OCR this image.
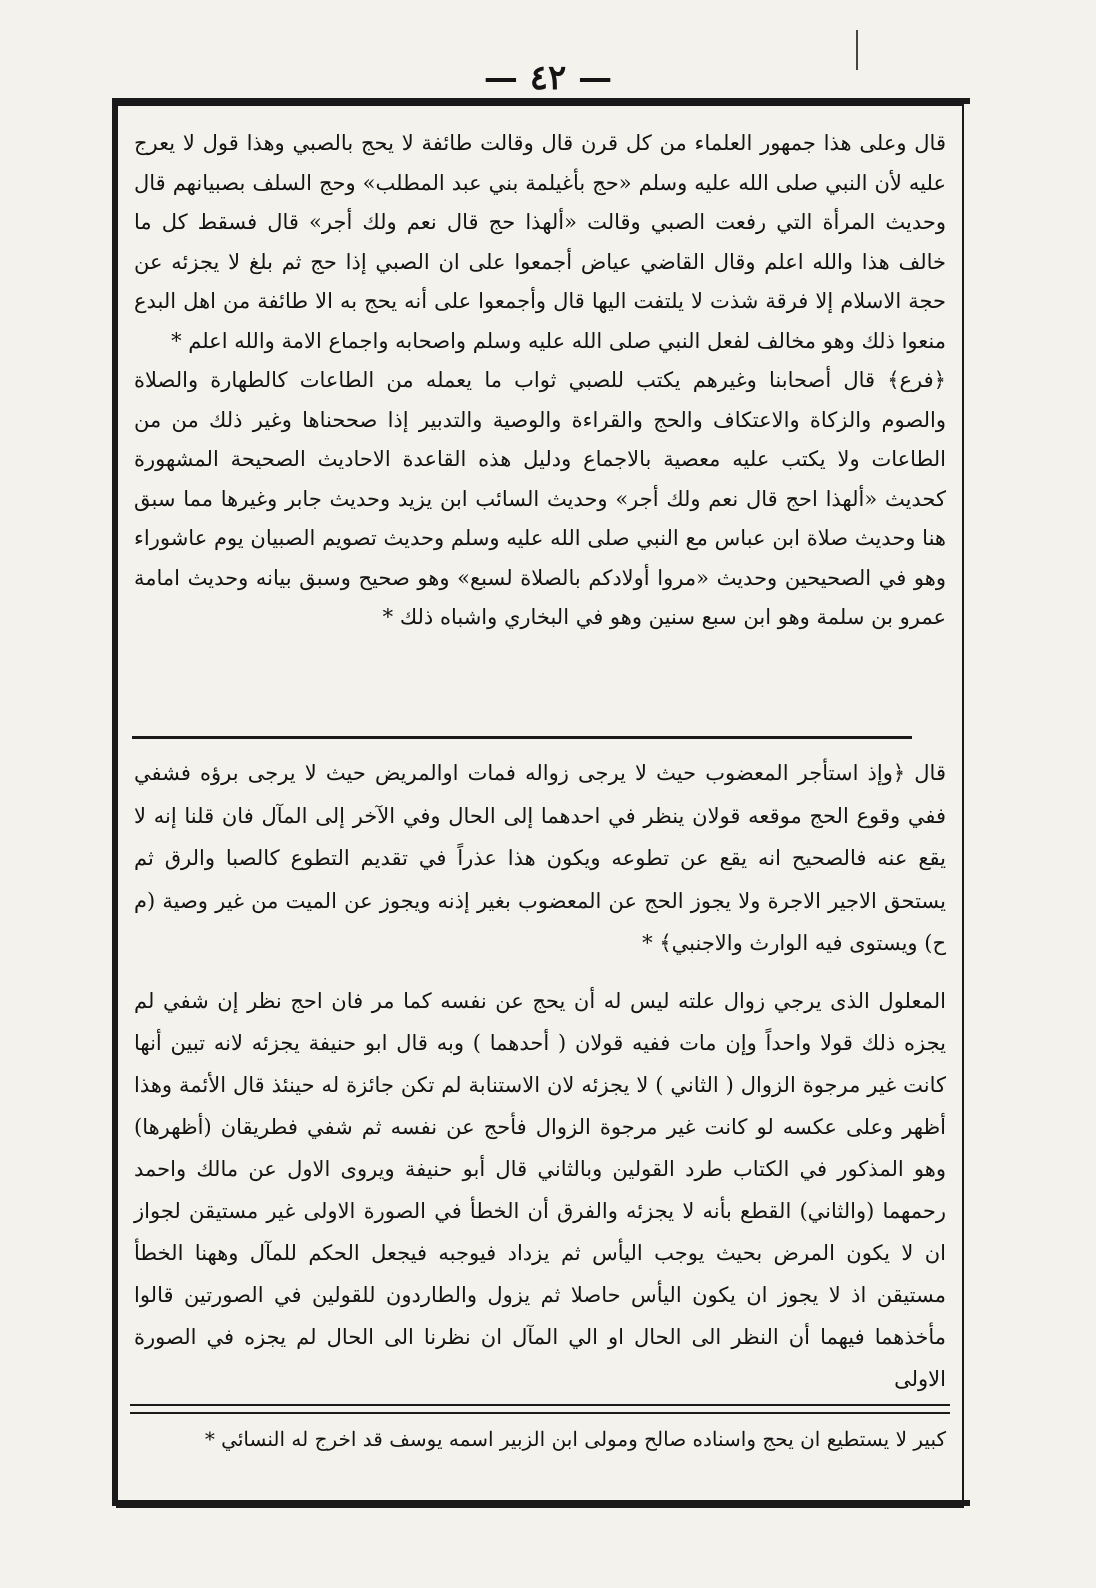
— ٤٢ —

قال وعلى هذا جمهور العلماء من كل قرن قال وقالت طائفة لا يحج بالصبي وهذا قول لا يعرج عليه لأن النبي صلى الله عليه وسلم «حج بأغيلمة بني عبد المطلب» وحج السلف بصبيانهم قال وحديث المرأة التي رفعت الصبي وقالت «ألهذا حج قال نعم ولك أجر» قال فسقط كل ما خالف هذا والله اعلم وقال القاضي عياض أجمعوا على ان الصبي إذا حج ثم بلغ لا يجزئه عن حجة الاسلام إلا فرقة شذت لا يلتفت اليها قال وأجمعوا على أنه يحج به الا طائفة من اهل البدع منعوا ذلك وهو مخالف لفعل النبي صلى الله عليه وسلم واصحابه واجماع الامة والله اعلم *

﴿فرع﴾ قال أصحابنا وغيرهم يكتب للصبي ثواب ما يعمله من الطاعات كالطهارة والصلاة والصوم والزكاة والاعتكاف والحج والقراءة والوصية والتدبير إذا صححناها وغير ذلك من من الطاعات ولا يكتب عليه معصية بالاجماع ودليل هذه القاعدة الاحاديث الصحيحة المشهورة كحديث «ألهذا احج قال نعم ولك أجر» وحديث السائب ابن يزيد وحديث جابر وغيرها مما سبق هنا وحديث صلاة ابن عباس مع النبي صلى الله عليه وسلم وحديث تصويم الصبيان يوم عاشوراء وهو في الصحيحين وحديث «مروا أولادكم بالصلاة لسبع» وهو صحيح وسبق بيانه وحديث امامة عمرو بن سلمة وهو ابن سبع سنين وهو في البخاري واشباه ذلك *

قال ﴿وإذ استأجر المعضوب حيث لا يرجى زواله فمات اوالمريض حيث لا يرجى برؤه فشفي ففي وقوع الحج موقعه قولان ينظر في احدهما إلى الحال وفي الآخر إلى المآل فان قلنا إنه لا يقع عنه فالصحيح انه يقع عن تطوعه ويكون هذا عذراً في تقديم التطوع كالصبا والرق ثم يستحق الاجير الاجرة ولا يجوز الحج عن المعضوب بغير إذنه ويجوز عن الميت من غير وصية (م ح) ويستوى فيه الوارث والاجنبي﴾ *

المعلول الذى يرجي زوال علته ليس له أن يحج عن نفسه كما مر فان احج نظر إن شفي لم يجزه ذلك قولا واحداً وإن مات ففيه قولان ( أحدهما ) وبه قال ابو حنيفة يجزئه لانه تبين أنها كانت غير مرجوة الزوال ( الثاني ) لا يجزئه لان الاستنابة لم تكن جائزة له حينئذ قال الأئمة وهذا أظهر وعلى عكسه لو كانت غير مرجوة الزوال فأحج عن نفسه ثم شفي فطريقان (أظهرها) وهو المذكور في الكتاب طرد القولين وبالثاني قال أبو حنيفة ويروى الاول عن مالك واحمد رحمهما (والثاني) القطع بأنه لا يجزئه والفرق أن الخطأ في الصورة الاولى غير مستيقن لجواز ان لا يكون المرض بحيث يوجب اليأس ثم يزداد فيوجبه فيجعل الحكم للمآل وههنا الخطأ مستيقن اذ لا يجوز ان يكون اليأس حاصلا ثم يزول والطاردون للقولين في الصورتين قالوا مأخذهما فيهما أن النظر الى الحال او الي المآل ان نظرنا الى الحال لم يجزه في الصورة الاولى

كبير لا يستطيع ان يحج واسناده صالح ومولى ابن الزبير اسمه يوسف قد اخرج له النسائي *
